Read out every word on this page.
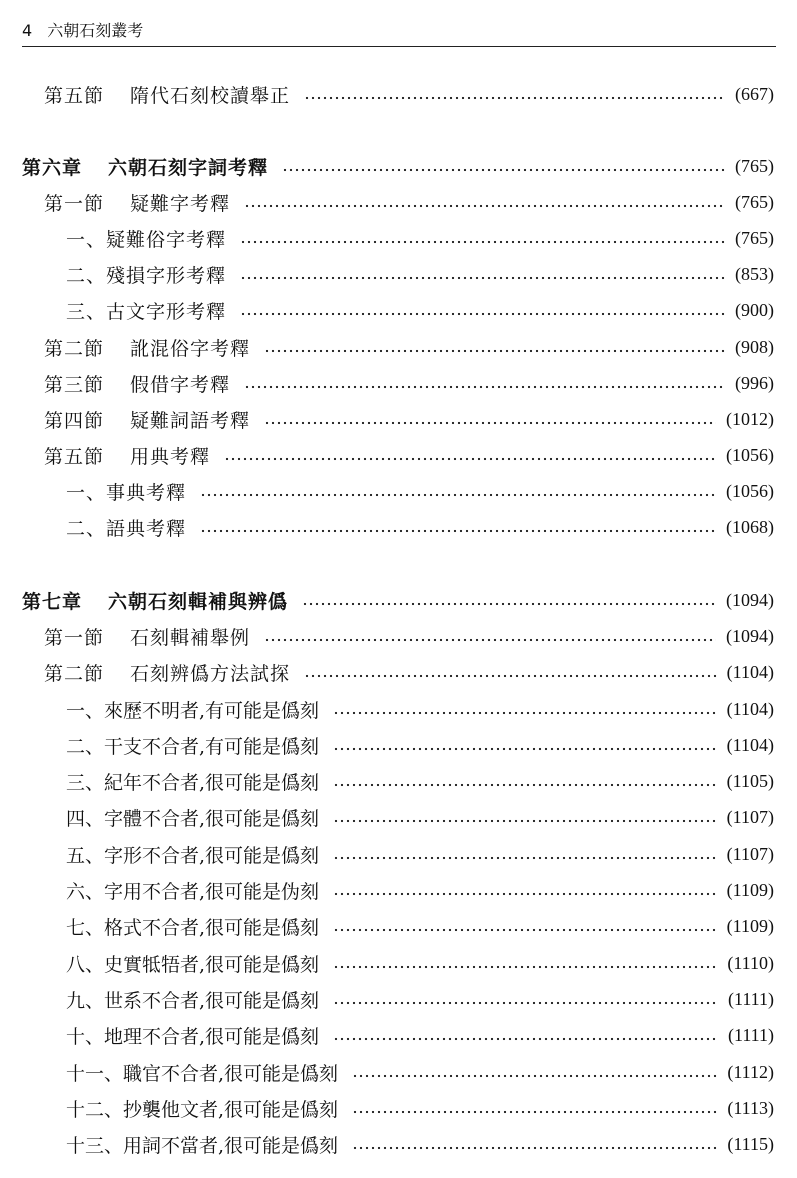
4 六朝石刻叢考
第五節 隋代石刻校讀舉正	(667)
第六章 六朝石刻字詞考釋	(765)
第一節 疑難字考釋	(765)
一、疑難俗字考釋	(765)
二、殘損字形考釋	(853)
三、古文字形考釋	(900)
第二節 訛混俗字考釋	(908)
第三節 假借字考釋	(996)
第四節 疑難詞語考釋	(1012)
第五節 用典考釋	(1056)
一、事典考釋	(1056)
二、語典考釋	(1068)
第七章 六朝石刻輯補與辨僞	(1094)
第一節 石刻輯補舉例	(1094)
第二節 石刻辨僞方法試探	(1104)
一、來歷不明者,有可能是僞刻	(1104)
二、干支不合者,有可能是僞刻	(1104)
三、紀年不合者,很可能是僞刻	(1105)
四、字體不合者,很可能是僞刻	(1107)
五、字形不合者,很可能是僞刻	(1107)
六、字用不合者,很可能是伪刻	(1109)
七、格式不合者,很可能是僞刻	(1109)
八、史實牴牾者,很可能是僞刻	(1110)
九、世系不合者,很可能是僞刻	(1111)
十、地理不合者,很可能是僞刻	(1111)
十一、職官不合者,很可能是僞刻	(1112)
十二、抄襲他文者,很可能是僞刻	(1113)
十三、用詞不當者,很可能是僞刻	(1115)
